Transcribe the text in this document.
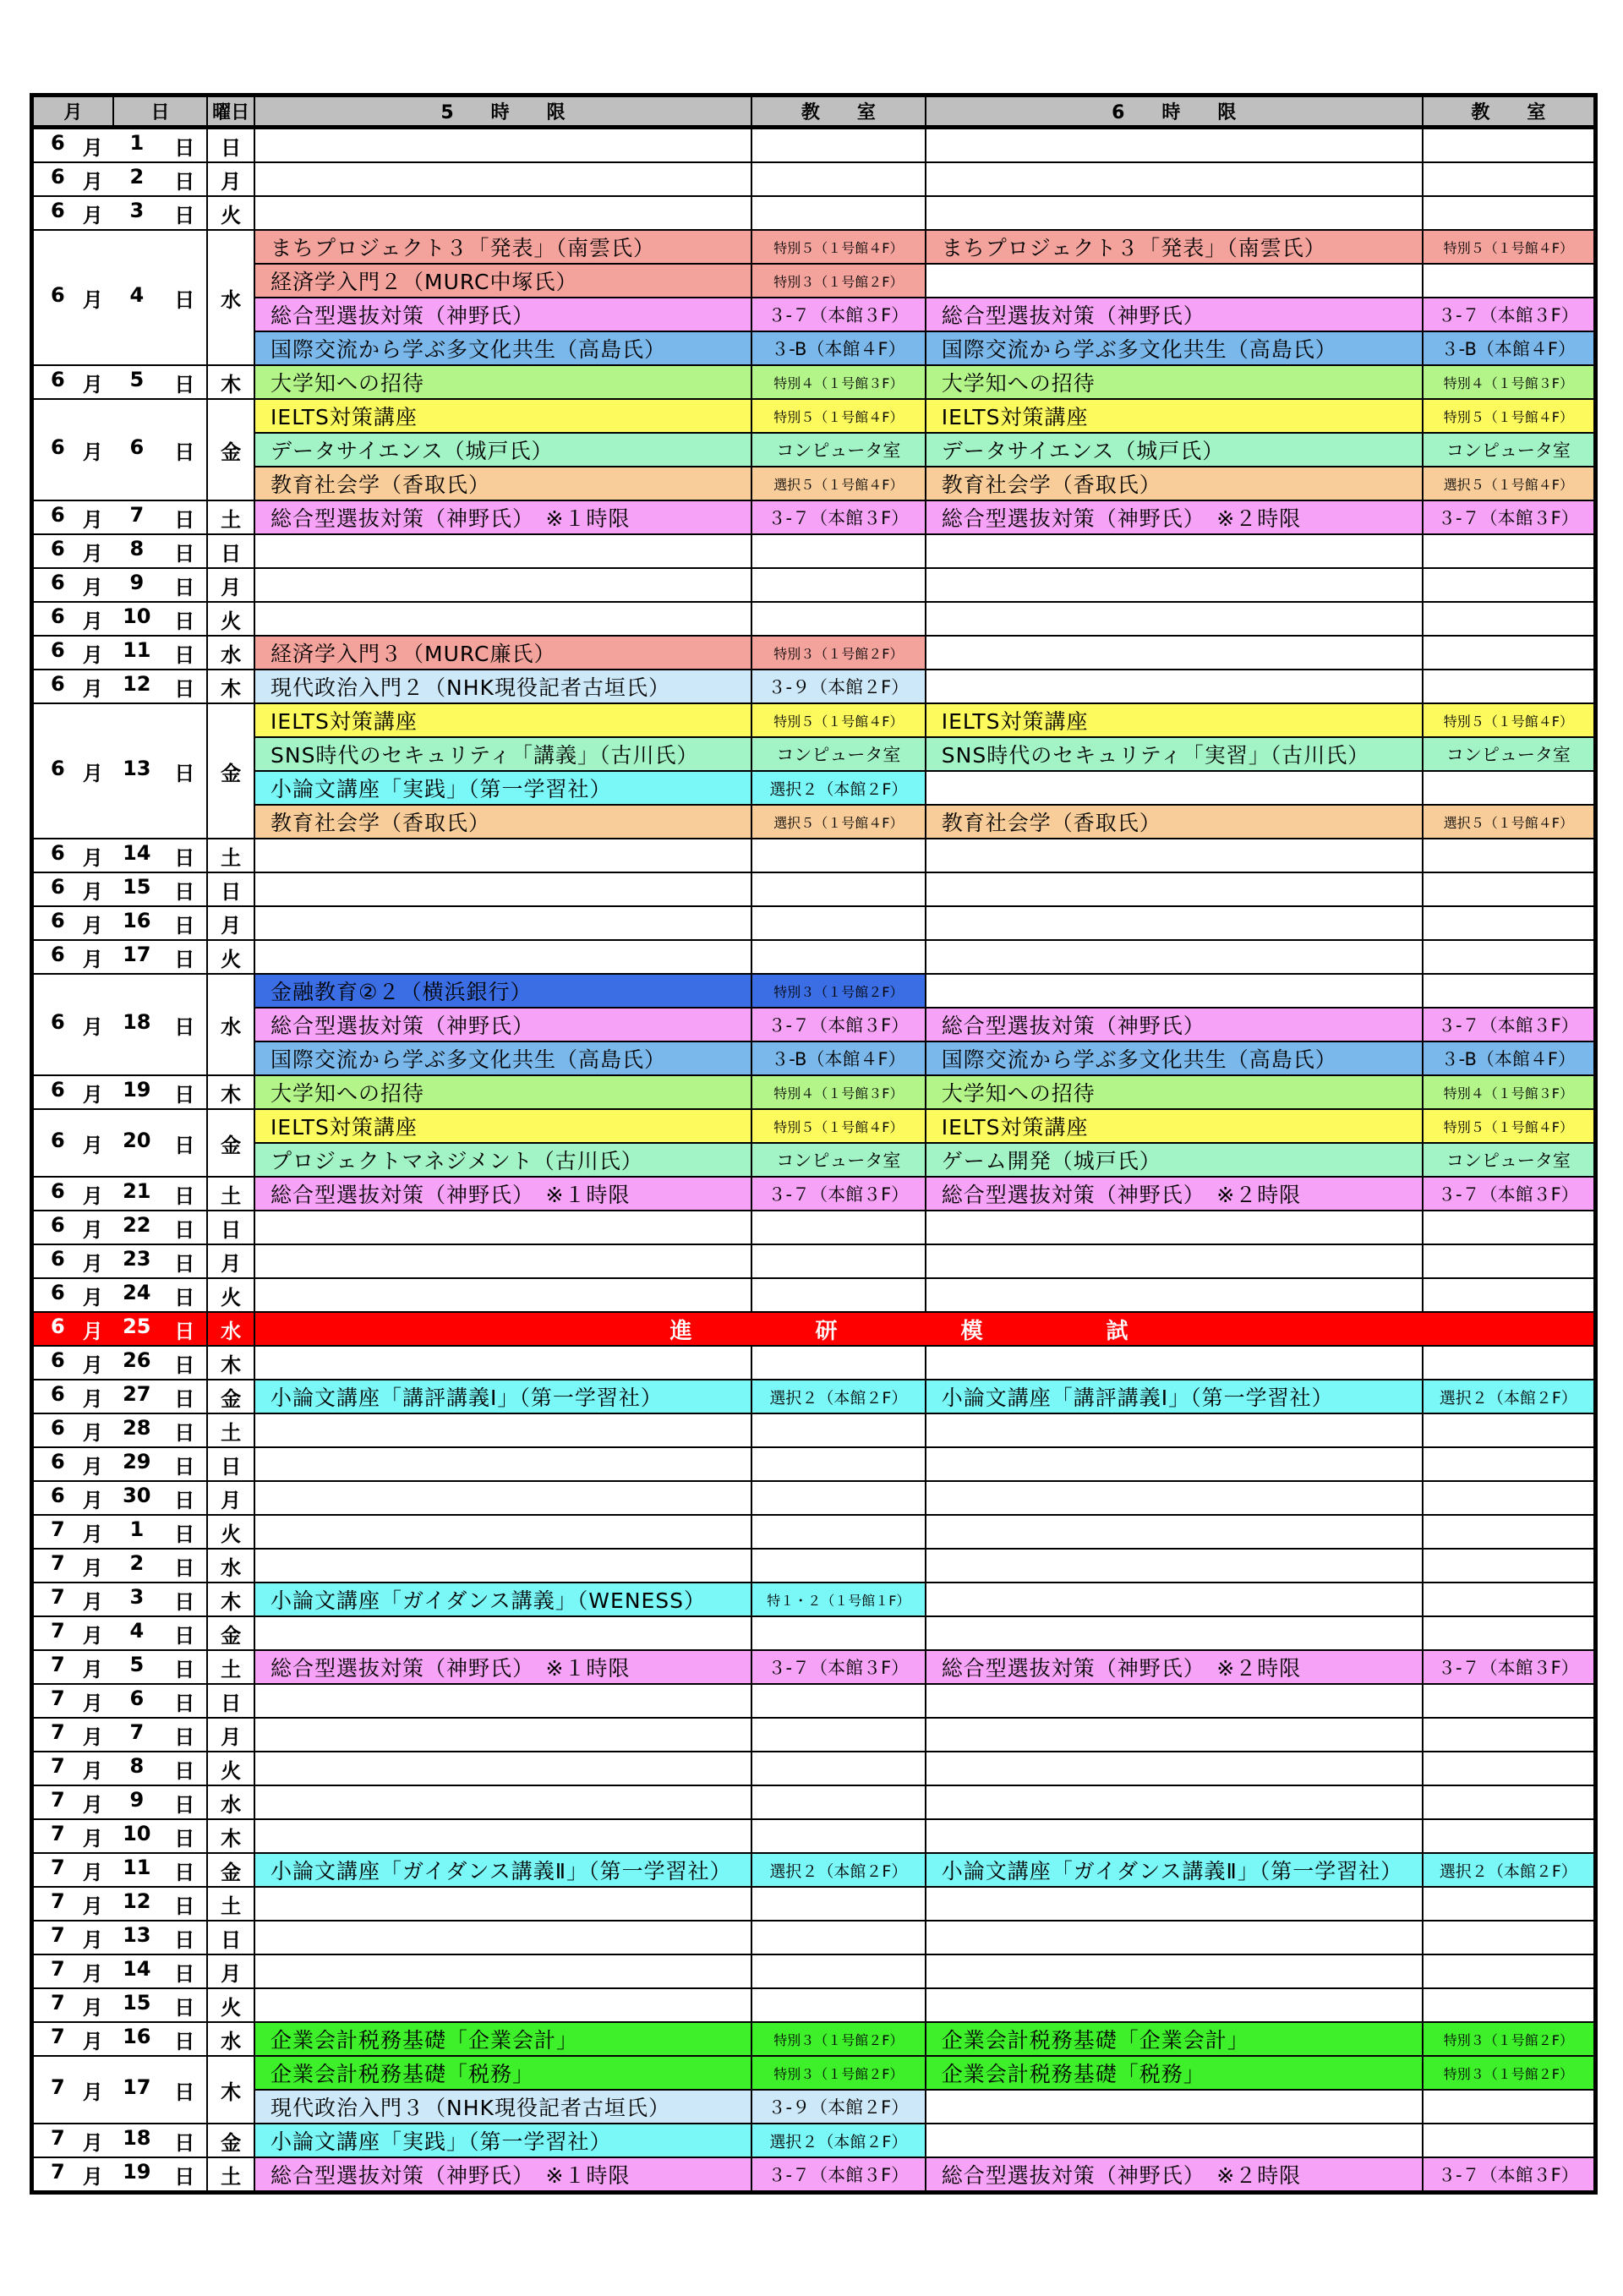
月	日	曜日	5　　時　　限	教　　室	6　　時　　限	教　　室

6 月	1 日	日				

6 月	2 日	月				

6 月	3 日	火				

6 月	4 日	水	まちプロジェクト３「発表」（南雲氏）	特別５（１号館４F）	まちプロジェクト３「発表」（南雲氏）	特別５（１号館４F）
			経済学入門２（MURC中塚氏）	特別３（１号館２F）		
			総合型選抜対策（神野氏）	３-７（本館３F）	総合型選抜対策（神野氏）	３-７（本館３F）
			国際交流から学ぶ多文化共生（高島氏）	３-B（本館４F）	国際交流から学ぶ多文化共生（高島氏）	３-B（本館４F）

6 月	5 日	木	大学知への招待	特別４（１号館３F）	大学知への招待	特別４（１号館３F）

6 月	6 日	金	IELTS対策講座	特別５（１号館４F）	IELTS対策講座	特別５（１号館４F）
			データサイエンス（城戸氏）	コンピュータ室	データサイエンス（城戸氏）	コンピュータ室
			教育社会学（香取氏）	選択５（１号館４F）	教育社会学（香取氏）	選択５（１号館４F）

6 月	7 日	土	総合型選抜対策（神野氏）　※１時限	３-７（本館３F）	総合型選抜対策（神野氏）　※２時限	３-７（本館３F）

6 月	8 日	日				

6 月	9 日	月				

6 月	10 日	火				

6 月	11 日	水	経済学入門３（MURC廉氏）	特別３（１号館２F）		

6 月	12 日	木	現代政治入門２（NHK現役記者古垣氏）	３-９（本館２F）		

6 月	13 日	金	IELTS対策講座	特別５（１号館４F）	IELTS対策講座	特別５（１号館４F）
			SNS時代のセキュリティ「講義」（古川氏）	コンピュータ室	SNS時代のセキュリティ「実習」（古川氏）	コンピュータ室
			小論文講座「実践」（第一学習社）	選択２（本館２F）		
			教育社会学（香取氏）	選択５（１号館４F）	教育社会学（香取氏）	選択５（１号館４F）

6 月	14 日	土				

6 月	15 日	日				

6 月	16 日	月				

6 月	17 日	火				

6 月	18 日	水	金融教育②２（横浜銀行）	特別３（１号館２F）		
			総合型選抜対策（神野氏）	３-７（本館３F）	総合型選抜対策（神野氏）	３-７（本館３F）
			国際交流から学ぶ多文化共生（高島氏）	３-B（本館４F）	国際交流から学ぶ多文化共生（高島氏）	３-B（本館４F）

6 月	19 日	木	大学知への招待	特別４（１号館３F）	大学知への招待	特別４（１号館３F）

6 月	20 日	金	IELTS対策講座	特別５（１号館４F）	IELTS対策講座	特別５（１号館４F）
			プロジェクトマネジメント（古川氏）	コンピュータ室	ゲーム開発（城戸氏）	コンピュータ室

6 月	21 日	土	総合型選抜対策（神野氏）　※１時限	３-７（本館３F）	総合型選抜対策（神野氏）　※２時限	３-７（本館３F）

6 月	22 日	日				

6 月	23 日	月				

6 月	24 日	火				

6 月	25 日	水	進　研　模　試			

6 月	26 日	木				

6 月	27 日	金	小論文講座「講評講義Ⅰ」（第一学習社）	選択２（本館２F）	小論文講座「講評講義Ⅰ」（第一学習社）	選択２（本館２F）

6 月	28 日	土				

6 月	29 日	日				

6 月	30 日	月				

7 月	1 日	火				

7 月	2 日	水				

7 月	3 日	木	小論文講座「ガイダンス講義」（WENESS）	特１・２（１号館１F）		

7 月	4 日	金				

7 月	5 日	土	総合型選抜対策（神野氏）　※１時限	３-７（本館３F）	総合型選抜対策（神野氏）　※２時限	３-７（本館３F）

7 月	6 日	日				

7 月	7 日	月				

7 月	8 日	火				

7 月	9 日	水				

7 月	10 日	木				

7 月	11 日	金	小論文講座「ガイダンス講義Ⅱ」（第一学習社）	選択２（本館２F）	小論文講座「ガイダンス講義Ⅱ」（第一学習社）	選択２（本館２F）

7 月	12 日	土				

7 月	13 日	日				

7 月	14 日	月				

7 月	15 日	火				

7 月	16 日	水	企業会計税務基礎「企業会計」	特別３（１号館２F）	企業会計税務基礎「企業会計」	特別３（１号館２F）

7 月	17 日	木	企業会計税務基礎「税務」	特別３（１号館２F）	企業会計税務基礎「税務」	特別３（１号館２F）
			現代政治入門３（NHK現役記者古垣氏）	３-９（本館２F）		

7 月	18 日	金	小論文講座「実践」（第一学習社）	選択２（本館２F）		

7 月	19 日	土	総合型選抜対策（神野氏）　※１時限	３-７（本館３F）	総合型選抜対策（神野氏）　※２時限	３-７（本館３F）
